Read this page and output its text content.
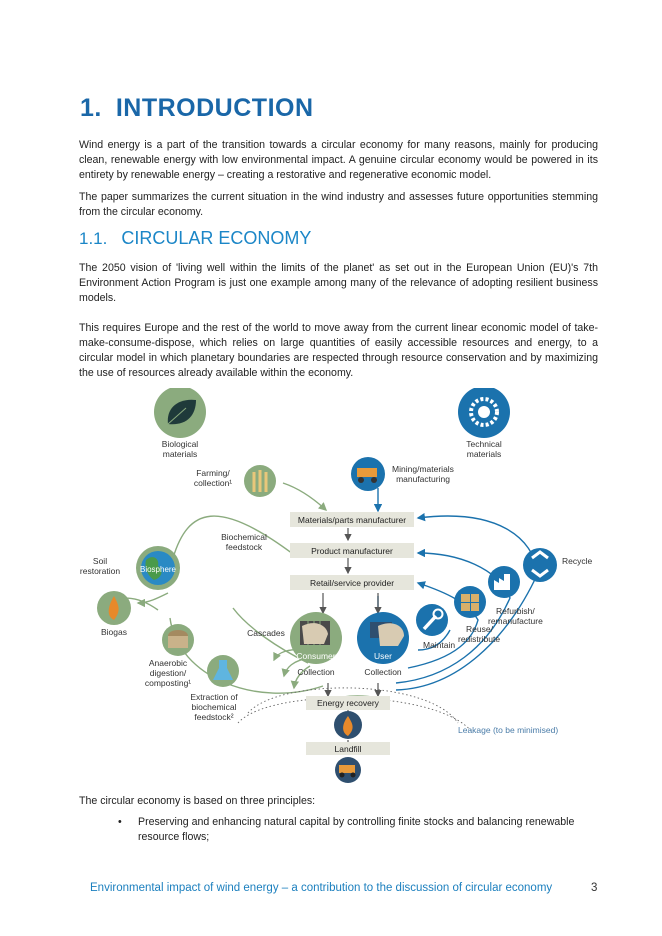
1. INTRODUCTION

Wind energy is a part of the transition towards a circular economy for many reasons, mainly for producing clean, renewable energy with low environmental impact. A genuine circular economy would be powered in its entirety by renewable energy – creating a restorative and regenerative economic model.

The paper summarizes the current situation in the wind industry and assesses future opportunities stemming from the circular economy.

1.1. CIRCULAR ECONOMY

The 2050 vision of 'living well within the limits of the planet' as set out in the European Union (EU)'s 7th Environment Action Program is just one example among many of the relevance of adopting resilient business models.

This requires Europe and the rest of the world to move away from the current linear economic model of take-make-consume-dispose, which relies on large quantities of easily accessible resources and energy, to a circular model in which planetary boundaries are respected through resource conservation and by maximizing the use of resources already available within the economy.

Biological
materials
Technical
materials
Farming/
collection¹
Mining/materials
manufacturing
Materials/parts manufacturer
Product manufacturer
Retail/service provider
Biochemical
feedstock
Soil
restoration Biosphere
Recycle
Refurbish/
remanufacture
Reuse/
redistribute
Maintain
Biogas
Anaerobic
digestion/
composting¹
Extraction of
biochemical
feedstock²
Cascades
Consumer
Collection
User
Collection
Energy recovery
Leakage (to be minimised)
Landfill

The circular economy is based on three principles:

• Preserving and enhancing natural capital by controlling finite stocks and balancing renewable resource flows;
Environmental impact of wind energy – a contribution to the discussion of circular economy	3
